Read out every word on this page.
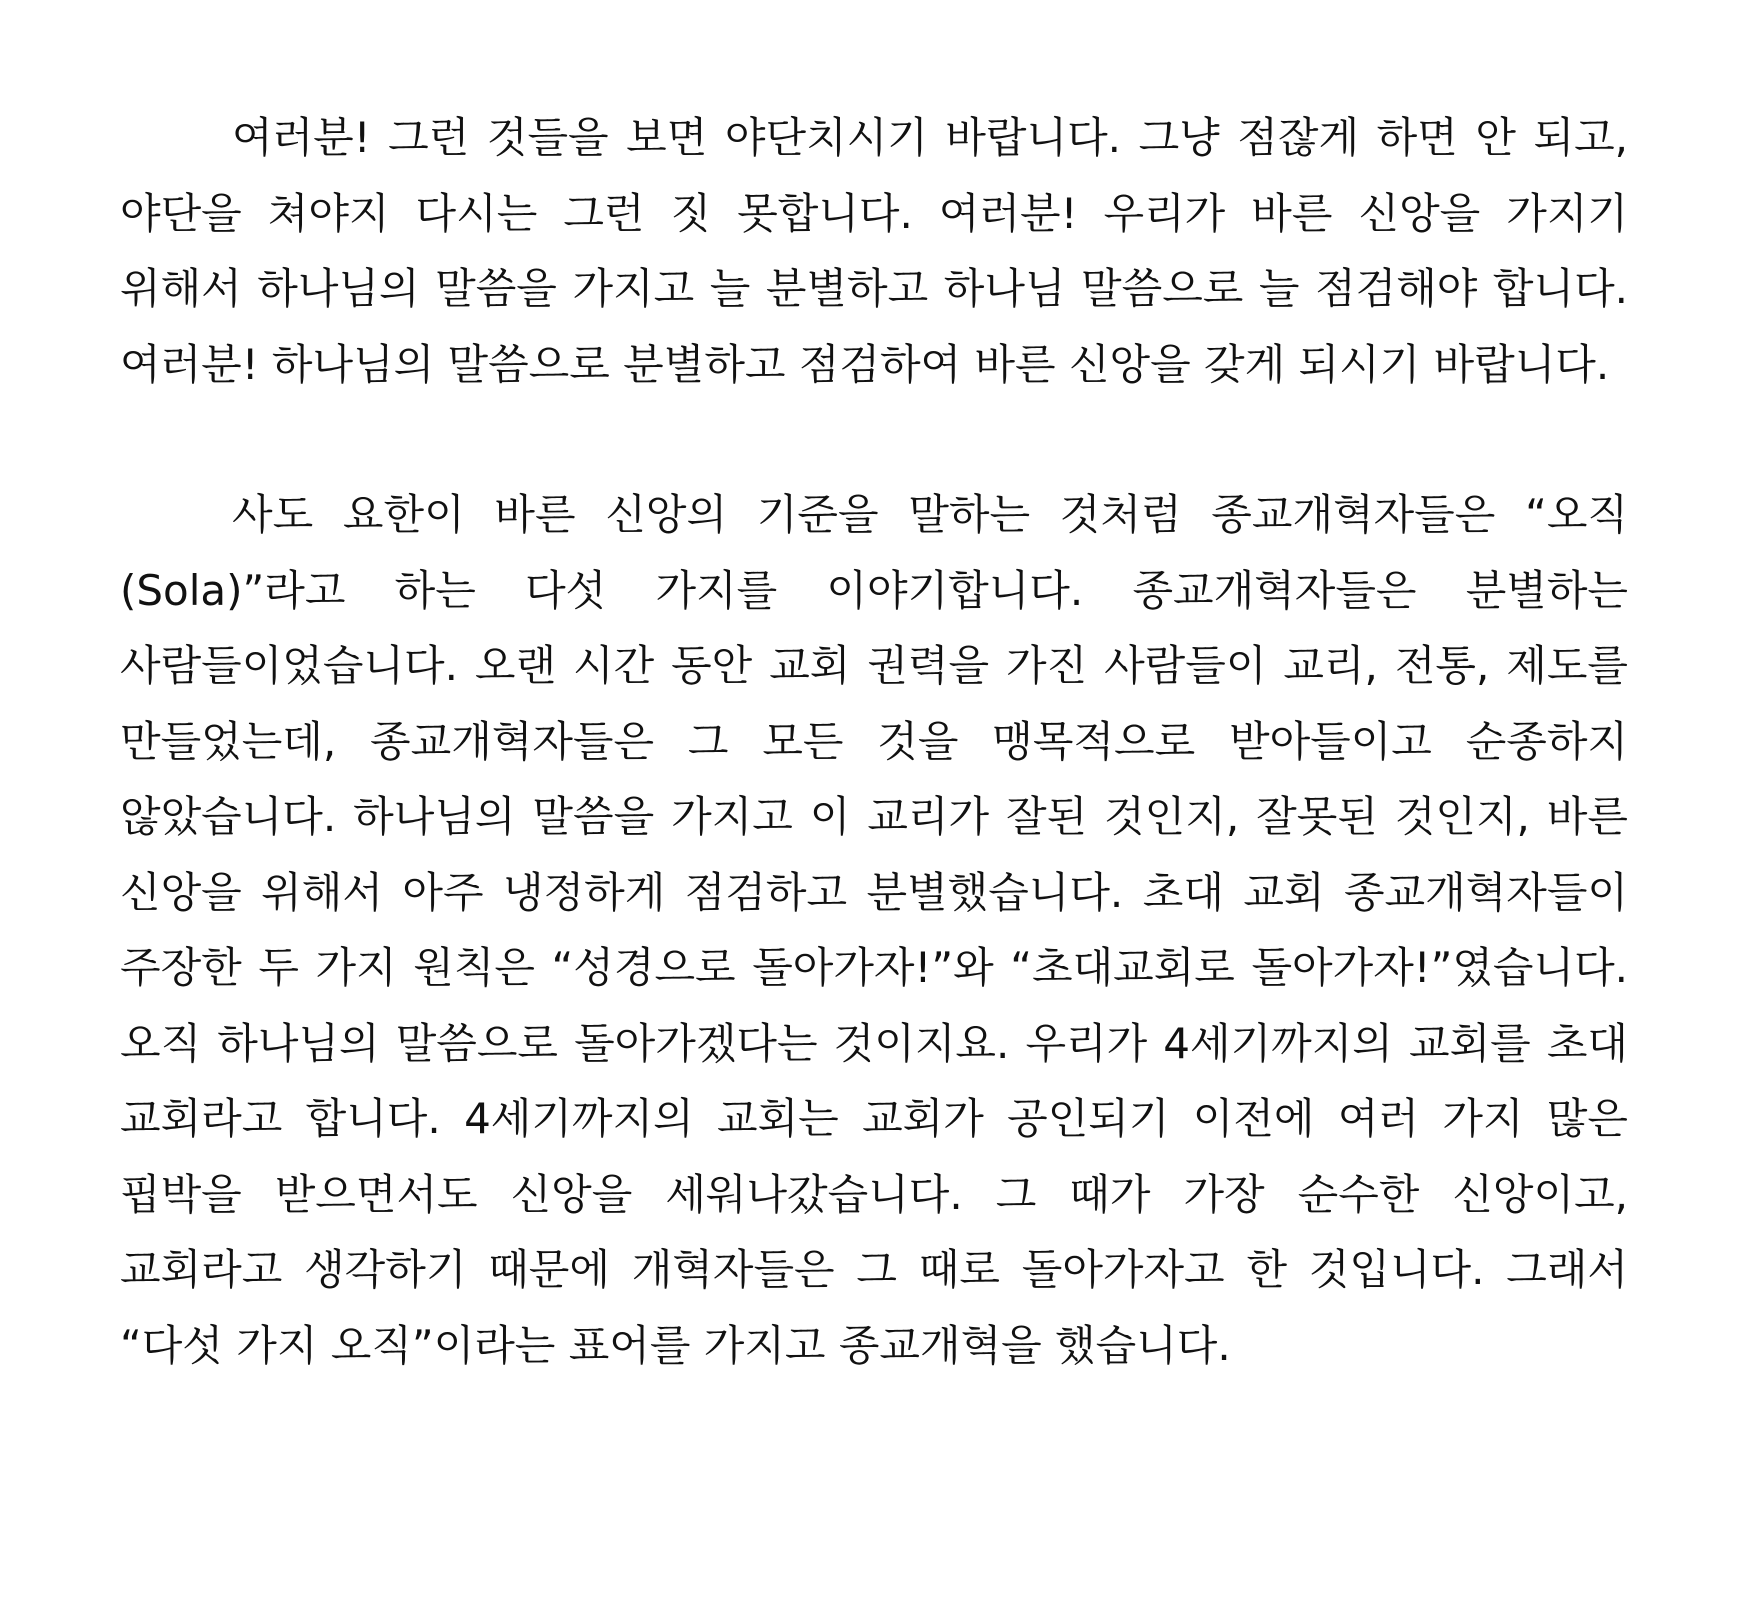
여러분! 그런 것들을 보면 야단치시기 바랍니다. 그냥 점잖게 하면 안 되고, 야단을 쳐야지 다시는 그런 짓 못합니다. 여러분! 우리가 바른 신앙을 가지기 위해서 하나님의 말씀을 가지고 늘 분별하고 하나님 말씀으로 늘 점검해야 합니다. 여러분! 하나님의 말씀으로 분별하고 점검하여 바른 신앙을 갖게 되시기 바랍니다.

사도 요한이 바른 신앙의 기준을 말하는 것처럼 종교개혁자들은 “오직(Sola)”라고 하는 다섯 가지를 이야기합니다. 종교개혁자들은 분별하는 사람들이었습니다. 오랜 시간 동안 교회 권력을 가진 사람들이 교리, 전통, 제도를 만들었는데, 종교개혁자들은 그 모든 것을 맹목적으로 받아들이고 순종하지 않았습니다. 하나님의 말씀을 가지고 이 교리가 잘된 것인지, 잘못된 것인지, 바른 신앙을 위해서 아주 냉정하게 점검하고 분별했습니다. 초대 교회 종교개혁자들이 주장한 두 가지 원칙은 “성경으로 돌아가자!”와 “초대교회로 돌아가자!”였습니다. 오직 하나님의 말씀으로 돌아가겠다는 것이지요. 우리가 4세기까지의 교회를 초대 교회라고 합니다. 4세기까지의 교회는 교회가 공인되기 이전에 여러 가지 많은 핍박을 받으면서도 신앙을 세워나갔습니다. 그 때가 가장 순수한 신앙이고, 교회라고 생각하기 때문에 개혁자들은 그 때로 돌아가자고 한 것입니다. 그래서 “다섯 가지 오직”이라는 표어를 가지고 종교개혁을 했습니다.
